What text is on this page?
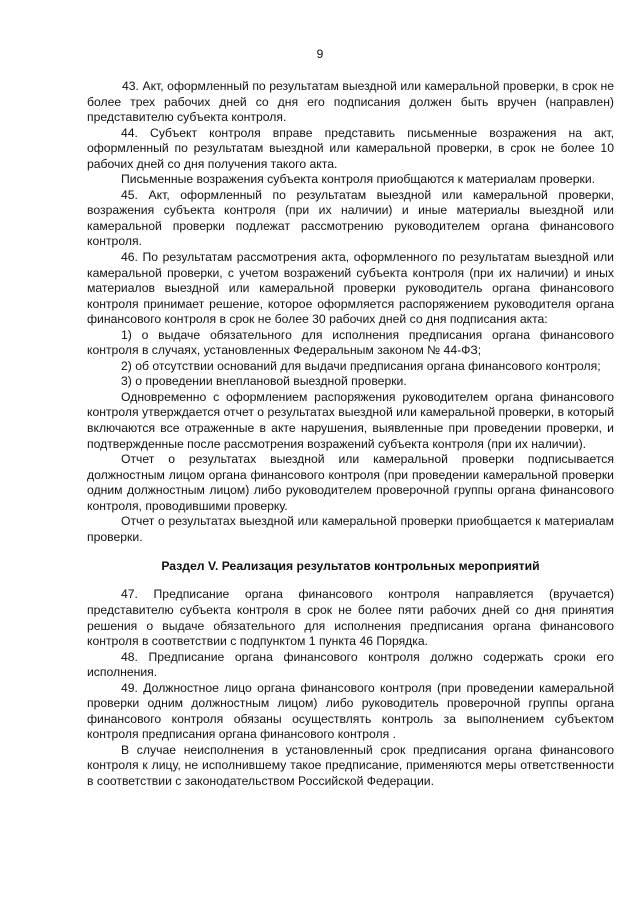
9

43. Акт, оформленный по результатам выездной или камеральной проверки, в срок не более трех рабочих дней со дня его подписания должен быть вручен (направлен) представителю субъекта контроля.

44. Субъект контроля вправе представить письменные возражения на акт, оформленный по результатам выездной или камеральной проверки, в срок не более 10 рабочих дней со дня получения такого акта.

Письменные возражения субъекта контроля приобщаются к материалам проверки.

45. Акт, оформленный по результатам выездной или камеральной проверки, возражения субъекта контроля (при их наличии) и иные материалы выездной или камеральной проверки подлежат рассмотрению руководителем органа финансового контроля.

46. По результатам рассмотрения акта, оформленного по результатам выездной или камеральной проверки, с учетом возражений субъекта контроля (при их наличии) и иных материалов выездной или камеральной проверки руководитель органа финансового контроля принимает решение, которое оформляется распоряжением руководителя органа финансового контроля в срок не более 30 рабочих дней со дня подписания акта:

1) о выдаче обязательного для исполнения предписания органа финансового контроля в случаях, установленных Федеральным законом № 44-ФЗ;

2) об отсутствии оснований для выдачи предписания органа финансового контроля;

3) о проведении внеплановой выездной проверки.

Одновременно с оформлением распоряжения руководителем органа финансового контроля утверждается отчет о результатах выездной или камеральной проверки, в который включаются все отраженные в акте нарушения, выявленные при проведении проверки, и подтвержденные после рассмотрения возражений субъекта контроля (при их наличии).

Отчет о результатах выездной или камеральной проверки подписывается должностным лицом органа финансового контроля (при проведении камеральной проверки одним должностным лицом) либо руководителем проверочной группы органа финансового контроля, проводившими проверку.

Отчет о результатах выездной или камеральной проверки приобщается к материалам проверки.

Раздел V. Реализация результатов контрольных мероприятий

47. Предписание органа финансового контроля направляется (вручается) представителю субъекта контроля в срок не более пяти рабочих дней со дня принятия решения о выдаче обязательного для исполнения предписания органа финансового контроля в соответствии с подпунктом 1 пункта 46 Порядка.

48. Предписание органа финансового контроля должно содержать сроки его исполнения.

49. Должностное лицо органа финансового контроля (при проведении камеральной проверки одним должностным лицом) либо руководитель проверочной группы органа финансового контроля обязаны осуществлять контроль за выполнением субъектом контроля предписания органа финансового контроля .

В случае неисполнения в установленный срок предписания органа финансового контроля к лицу, не исполнившему такое предписание, применяются меры ответственности в соответствии с законодательством Российской Федерации.
